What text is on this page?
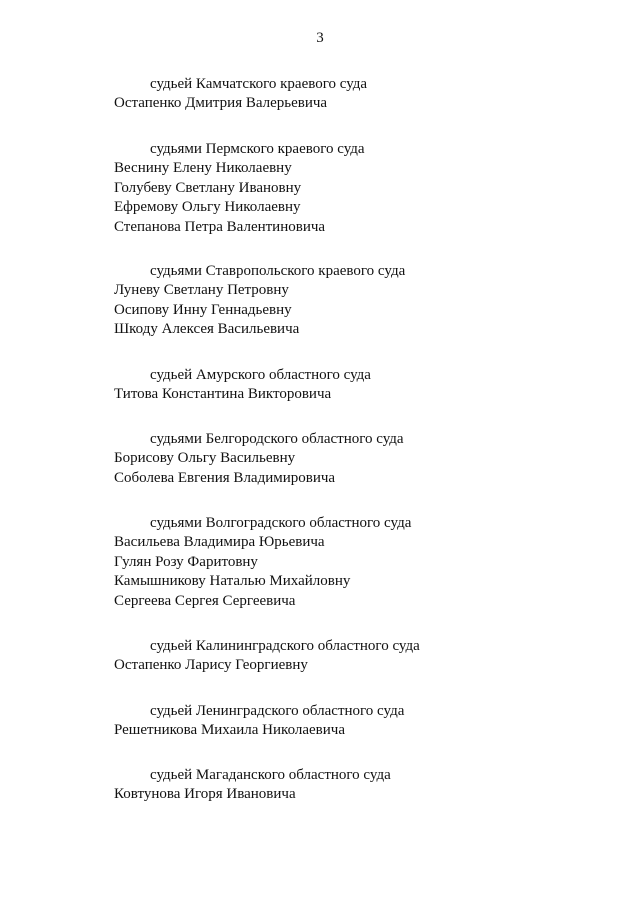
3
судьей Камчатского краевого суда
Остапенко Дмитрия Валерьевича
судьями Пермского краевого суда
Веснину Елену Николаевну
Голубеву Светлану Ивановну
Ефремову Ольгу Николаевну
Степанова Петра Валентиновича
судьями Ставропольского краевого суда
Луневу Светлану Петровну
Осипову Инну Геннадьевну
Шкоду Алексея Васильевича
судьей Амурского областного суда
Титова Константина Викторовича
судьями Белгородского областного суда
Борисову Ольгу Васильевну
Соболева Евгения Владимировича
судьями Волгоградского областного суда
Васильева Владимира Юрьевича
Гулян Розу Фаритовну
Камышникову Наталью Михайловну
Сергеева Сергея Сергеевича
судьей Калининградского областного суда
Остапенко Ларису Георгиевну
судьей Ленинградского областного суда
Решетникова Михаила Николаевича
судьей Магаданского областного суда
Ковтунова Игоря Ивановича
